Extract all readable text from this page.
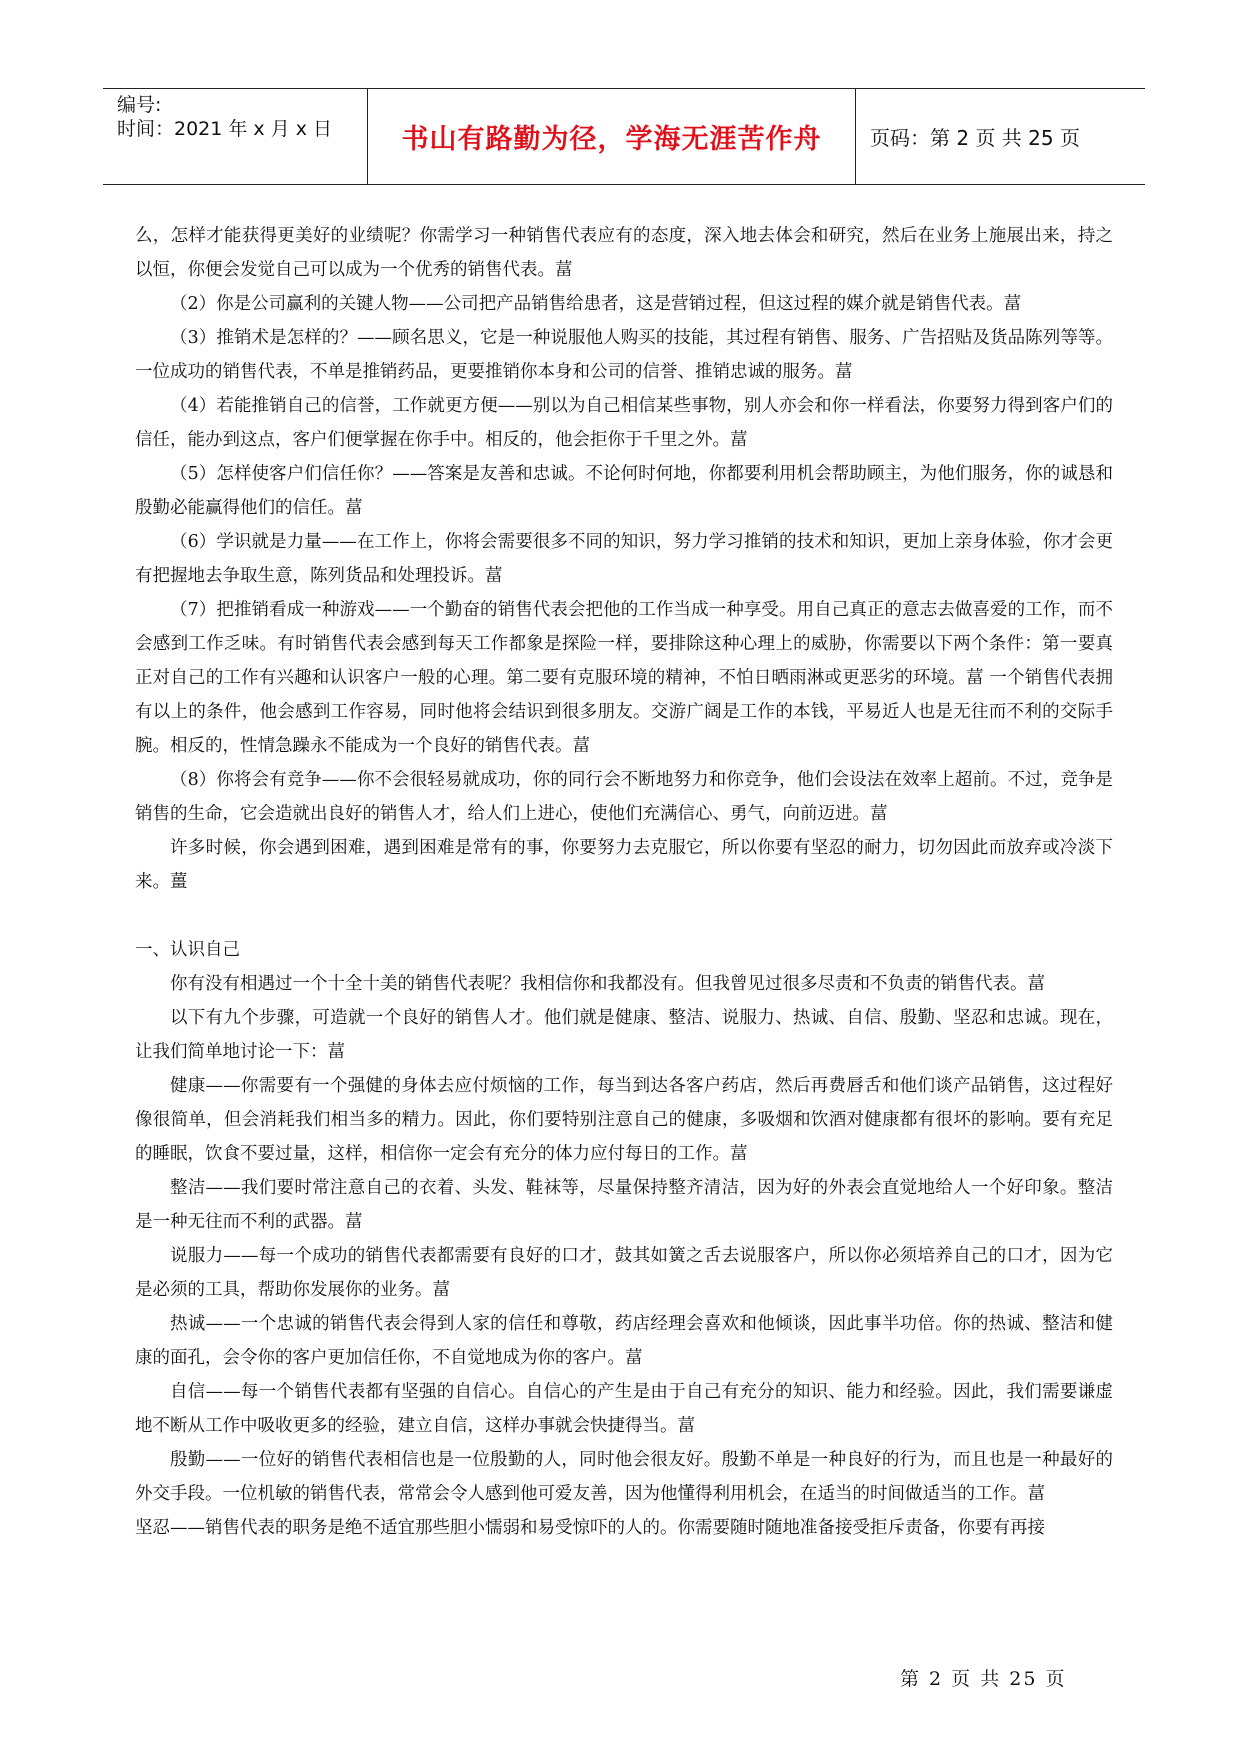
编号:
时间：2021 年 x 月 x 日	书山有路勤为径，学海无涯苦作舟	页码：第 2 页 共 25 页

么，怎样才能获得更美好的业绩呢？你需学习一种销售代表应有的态度，深入地去体会和研究，然后在业务上施展出来，持之以恒，你便会发觉自己可以成为一个优秀的销售代表。葍

（2）你是公司赢利的关键人物——公司把产品销售给患者，这是营销过程，但这过程的媒介就是销售代表。葍

（3）推销术是怎样的？——顾名思义，它是一种说服他人购买的技能，其过程有销售、服务、广告招贴及货品陈列等等。一位成功的销售代表，不单是推销药品，更要推销你本身和公司的信誉、推销忠诚的服务。葍

（4）若能推销自己的信誉，工作就更方便——别以为自己相信某些事物，别人亦会和你一样看法，你要努力得到客户们的信任，能办到这点，客户们便掌握在你手中。相反的，他会拒你于千里之外。葍

（5）怎样使客户们信任你？——答案是友善和忠诚。不论何时何地，你都要利用机会帮助顾主，为他们服务，你的诚恳和殷勤必能赢得他们的信任。葍

（6）学识就是力量——在工作上，你将会需要很多不同的知识，努力学习推销的技术和知识，更加上亲身体验，你才会更有把握地去争取生意，陈列货品和处理投诉。葍

（7）把推销看成一种游戏——一个勤奋的销售代表会把他的工作当成一种享受。用自己真正的意志去做喜爱的工作，而不会感到工作乏味。有时销售代表会感到每天工作都象是探险一样，要排除这种心理上的威胁，你需要以下两个条件：第一要真正对自己的工作有兴趣和认识客户一般的心理。第二要有克服环境的精神，不怕日晒雨淋或更恶劣的环境。葍 一个销售代表拥有以上的条件，他会感到工作容易，同时他将会结识到很多朋友。交游广阔是工作的本钱，平易近人也是无往而不利的交际手腕。相反的，性情急躁永不能成为一个良好的销售代表。葍

（8）你将会有竞争——你不会很轻易就成功，你的同行会不断地努力和你竞争，他们会设法在效率上超前。不过，竞争是销售的生命，它会造就出良好的销售人才，给人们上进心，使他们充满信心、勇气，向前迈进。葍

许多时候，你会遇到困难，遇到困难是常有的事，你要努力去克服它，所以你要有坚忍的耐力，切勿因此而放弃或冷淡下来。薑

一、认识自己

你有没有相遇过一个十全十美的销售代表呢？我相信你和我都没有。但我曾见过很多尽责和不负责的销售代表。葍

以下有九个步骤，可造就一个良好的销售人才。他们就是健康、整洁、说服力、热诚、自信、殷勤、坚忍和忠诚。现在，让我们简单地讨论一下：葍

健康——你需要有一个强健的身体去应付烦恼的工作，每当到达各客户药店，然后再费唇舌和他们谈产品销售，这过程好像很简单，但会消耗我们相当多的精力。因此，你们要特别注意自己的健康，多吸烟和饮酒对健康都有很坏的影响。要有充足的睡眠，饮食不要过量，这样，相信你一定会有充分的体力应付每日的工作。葍

整洁——我们要时常注意自己的衣着、头发、鞋袜等，尽量保持整齐清洁，因为好的外表会直觉地给人一个好印象。整洁是一种无往而不利的武器。葍

说服力——每一个成功的销售代表都需要有良好的口才，鼓其如簧之舌去说服客户，所以你必须培养自己的口才，因为它是必须的工具，帮助你发展你的业务。葍

热诚——一个忠诚的销售代表会得到人家的信任和尊敬，药店经理会喜欢和他倾谈，因此事半功倍。你的热诚、整洁和健康的面孔，会令你的客户更加信任你，不自觉地成为你的客户。葍

自信——每一个销售代表都有坚强的自信心。自信心的产生是由于自己有充分的知识、能力和经验。因此，我们需要谦虚地不断从工作中吸收更多的经验，建立自信，这样办事就会快捷得当。葍

殷勤——一位好的销售代表相信也是一位殷勤的人，同时他会很友好。殷勤不单是一种良好的行为，而且也是一种最好的外交手段。一位机敏的销售代表，常常会令人感到他可爱友善，因为他懂得利用机会，在适当的时间做适当的工作。葍

坚忍——销售代表的职务是绝不适宜那些胆小懦弱和易受惊吓的人的。你需要随时随地准备接受拒斥责备，你要有再接

第 2 页 共 25 页
